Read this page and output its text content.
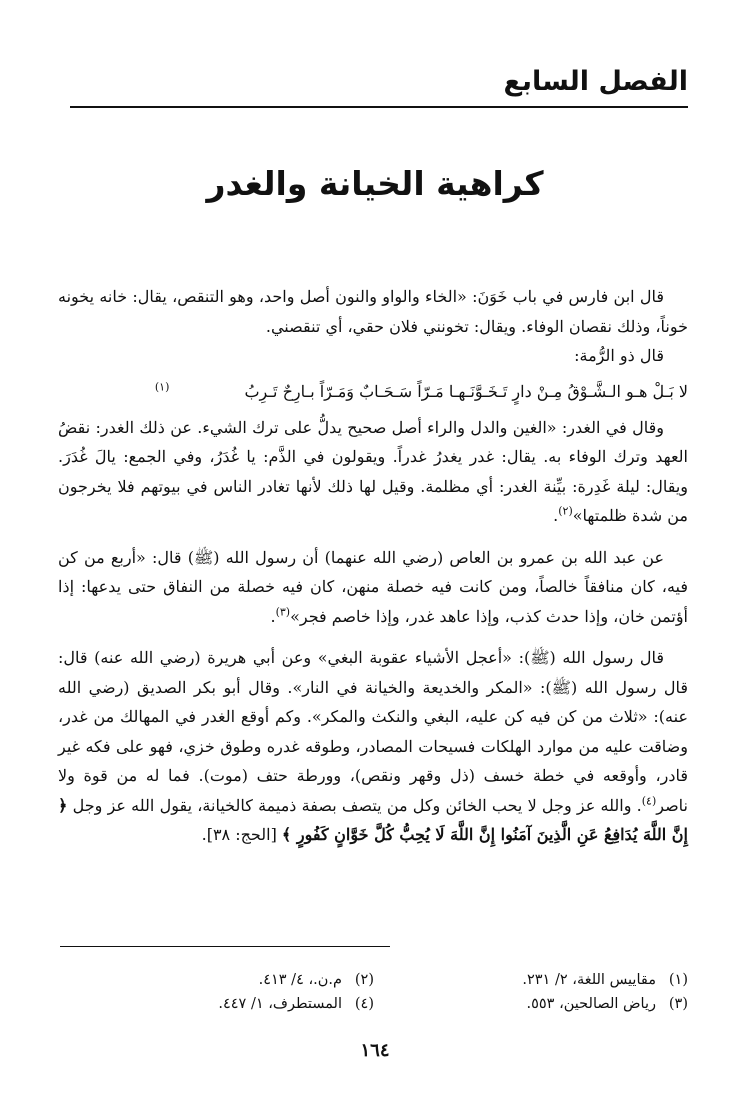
الفصل السابع
كراهية الخيانة والغدر

قال ابن فارس في باب خَوَنَ: «الخاء والواو والنون أصل واحد، وهو التنقص، يقال: خانه يخونه خوناً، وذلك نقصان الوفاء. ويقال: تخونني فلان حقي، أي تنقصني.

قال ذو الرُّمة:

لا بَـلْ هـو الـشَّـوْقُ مِـنْ دارٍ تَـخَـوَّنَـهـا مَـرّاً سَـحَـابٌ وَمَـرّاً بـارِحٌ تَـرِبُ $^{(١)}$

وقال في الغدر: «الغين والدل والراء أصل صحيح يدلُّ على ترك الشيء. عن ذلك الغدر: نقضُ العهد وترك الوفاء به. يقال: غدر يغدرُ غدراً. ويقولون في الذَّم: يا غُدَرُ، وفي الجمع: يالَ غُدَرَ. ويقال: ليلة غَدِرة: بيِّنة الغدر: أي مظلمة. وقيل لها ذلك لأنها تغادر الناس في بيوتهم فلا يخرجون من شدة ظلمتها»$^{(٢)}$.

عن عبد الله بن عمرو بن العاص (رضي الله عنهما) أن رسول الله (ﷺ) قال: «أربع من كن فيه، كان منافقاً خالصاً، ومن كانت فيه خصلة منهن، كان فيه خصلة من النفاق حتى يدعها: إذا أؤتمن خان، وإذا حدث كذب، وإذا عاهد غدر، وإذا خاصم فجر»$^{(٣)}$.

قال رسول الله (ﷺ): «أعجل الأشياء عقوبة البغي» وعن أبي هريرة (رضي الله عنه) قال: قال رسول الله (ﷺ): «المكر والخديعة والخيانة في النار». وقال أبو بكر الصديق (رضي الله عنه): «ثلاث من كن فيه كن عليه، البغي والنكث والمكر». وكم أوقع الغدر في المهالك من غدر، وضاقت عليه من موارد الهلكات فسيحات المصادر، وطوقه غدره وطوق خزي، فهو على فكه غير قادر، وأوقعه في خطة خسف (ذل وقهر ونقص)، وورطة حتف (موت). فما له من قوة ولا ناصر$^{(٤)}$. والله عز وجل لا يحب الخائن وكل من يتصف بصفة ذميمة كالخيانة، يقول الله عز وجل ﴿ إِنَّ اللَّهَ يُدَافِعُ عَنِ الَّذِينَ آمَنُوا إِنَّ اللَّهَ لَا يُحِبُّ كُلَّ خَوَّانٍ كَفُورٍ ﴾ [الحج: ٣٨].

(١)
مقاييس اللغة، ٢/ ٢٣١.
(٢)
م.ن.، ٤/ ٤١٣.
(٣)
رياض الصالحين، ٥٥٣.
(٤)
المستطرف، ١/ ٤٤٧.
١٦٤
